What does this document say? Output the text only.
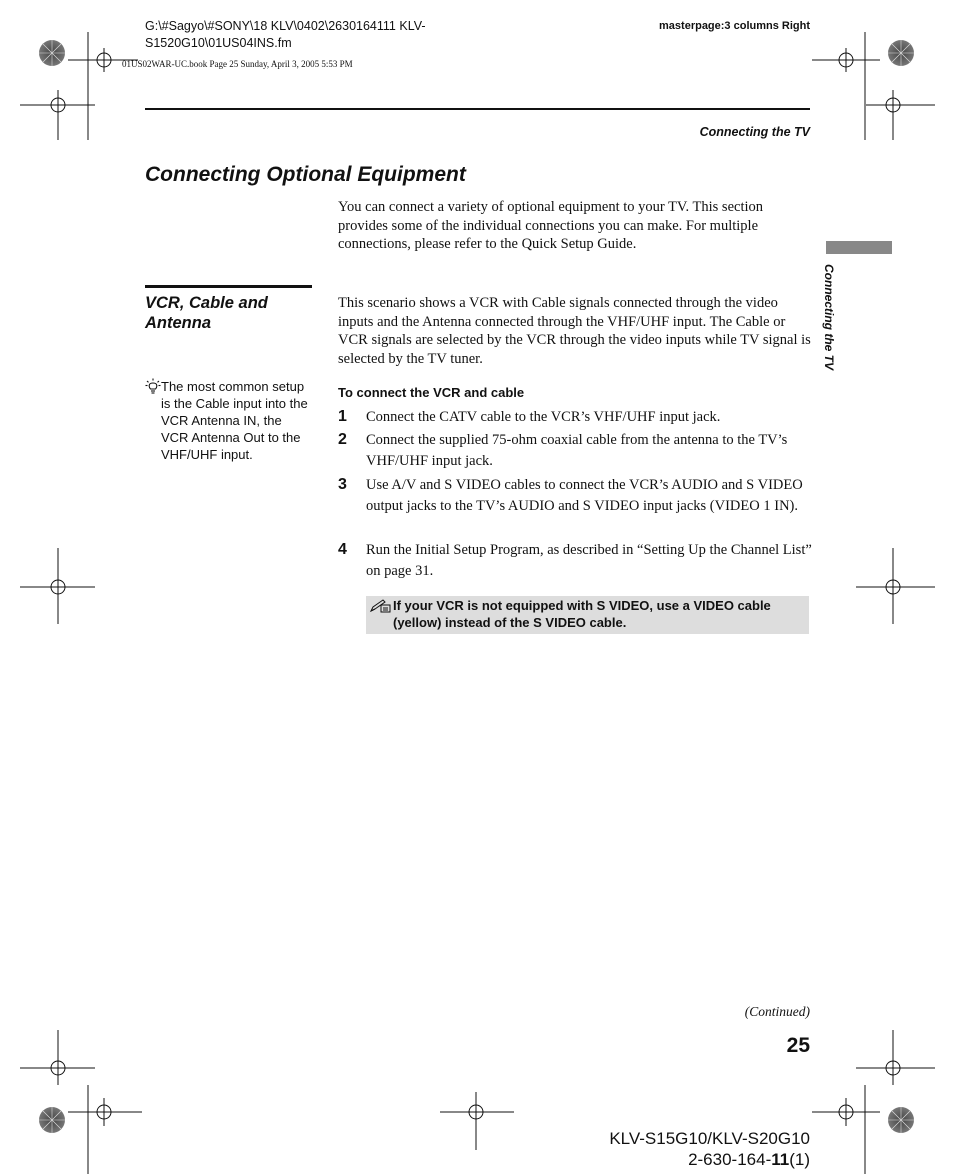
G:\#Sagyo\#SONY\18 KLV\0402\2630164111 KLV-S1520G10\01US04INS.fm
01US02WAR-UC.book Page 25 Sunday, April 3, 2005 5:53 PM
masterpage:3 columns Right
Connecting the TV
Connecting Optional Equipment
You can connect a variety of optional equipment to your TV. This section provides some of the individual connections you can make. For multiple connections, please refer to the Quick Setup Guide.
Connecting the TV
VCR, Cable and Antenna
The most common setup is the Cable input into the VCR Antenna IN, the VCR Antenna Out to the VHF/UHF input.
This scenario shows a VCR with Cable signals connected through the video inputs and the Antenna connected through the VHF/UHF input. The Cable or VCR signals are selected by the VCR through the video inputs while TV signal is selected by the TV tuner.
To connect the VCR and cable
1 Connect the CATV cable to the VCR’s VHF/UHF input jack.
2 Connect the supplied 75-ohm coaxial cable from the antenna to the TV’s VHF/UHF input jack.
3 Use A/V and S VIDEO cables to connect the VCR’s AUDIO and S VIDEO output jacks to the TV’s AUDIO and S VIDEO input jacks (VIDEO 1 IN).
4 Run the Initial Setup Program, as described in “Setting Up the Channel List” on page 31.
If your VCR is not equipped with S VIDEO, use a VIDEO cable (yellow) instead of the S VIDEO cable.
(Continued)
25
KLV-S15G10/KLV-S20G10
2-630-164-11(1)
